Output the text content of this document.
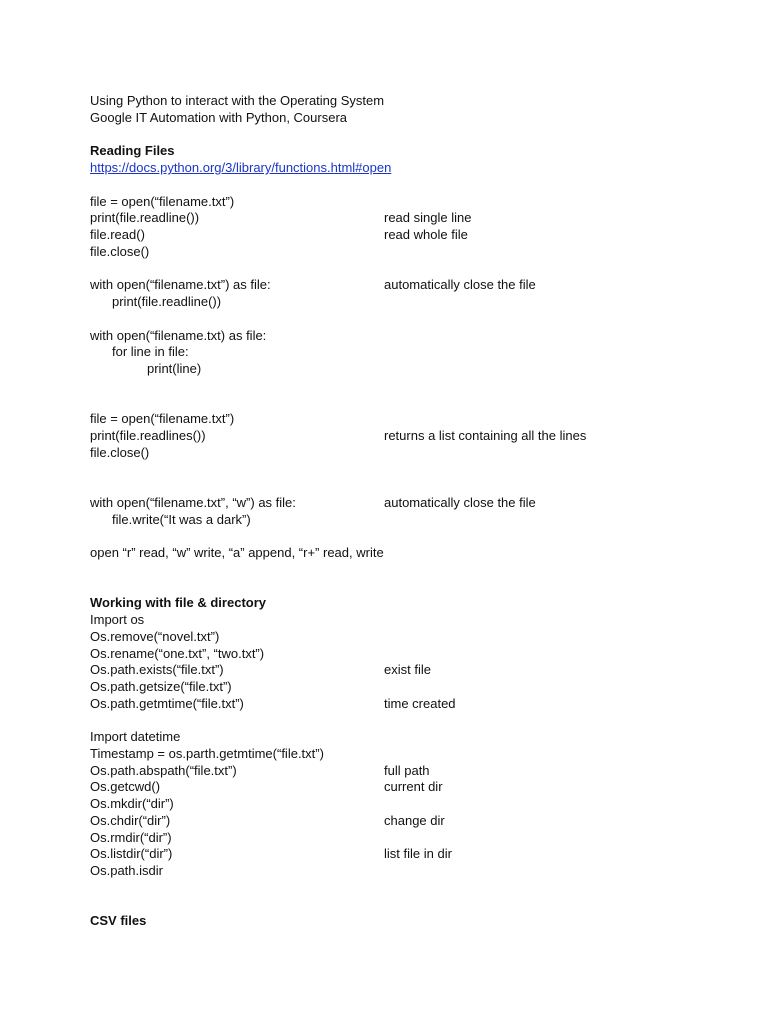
Using Python to interact with the Operating System
Google IT Automation with Python, Coursera
Reading Files
https://docs.python.org/3/library/functions.html#open
file = open(“filename.txt”)
print(file.readline())	read single line
file.read()	read whole file
file.close()
with open(“filename.txt”) as file:	automatically close the file
print(file.readline())
with open(“filename.txt) as file:
for line in file:
print(line)
file = open(“filename.txt”)
print(file.readlines())	returns a list containing all the lines
file.close()
with open(“filename.txt”, “w”) as file:	automatically close the file
file.write(“It was a dark”)
open “r” read, “w” write, “a” append, “r+” read, write
Working with file & directory
Import os
Os.remove(“novel.txt”)
Os.rename(“one.txt”, “two.txt”)
Os.path.exists(“file.txt”)	exist file
Os.path.getsize(“file.txt”)
Os.path.getmtime(“file.txt”)	time created
Import datetime
Timestamp = os.parth.getmtime(“file.txt”)
Os.path.abspath(“file.txt”)	full path
Os.getcwd()	current dir
Os.mkdir(“dir”)
Os.chdir(“dir”)	change dir
Os.rmdir(“dir”)
Os.listdir(“dir”)	list file in dir
Os.path.isdir
CSV files
